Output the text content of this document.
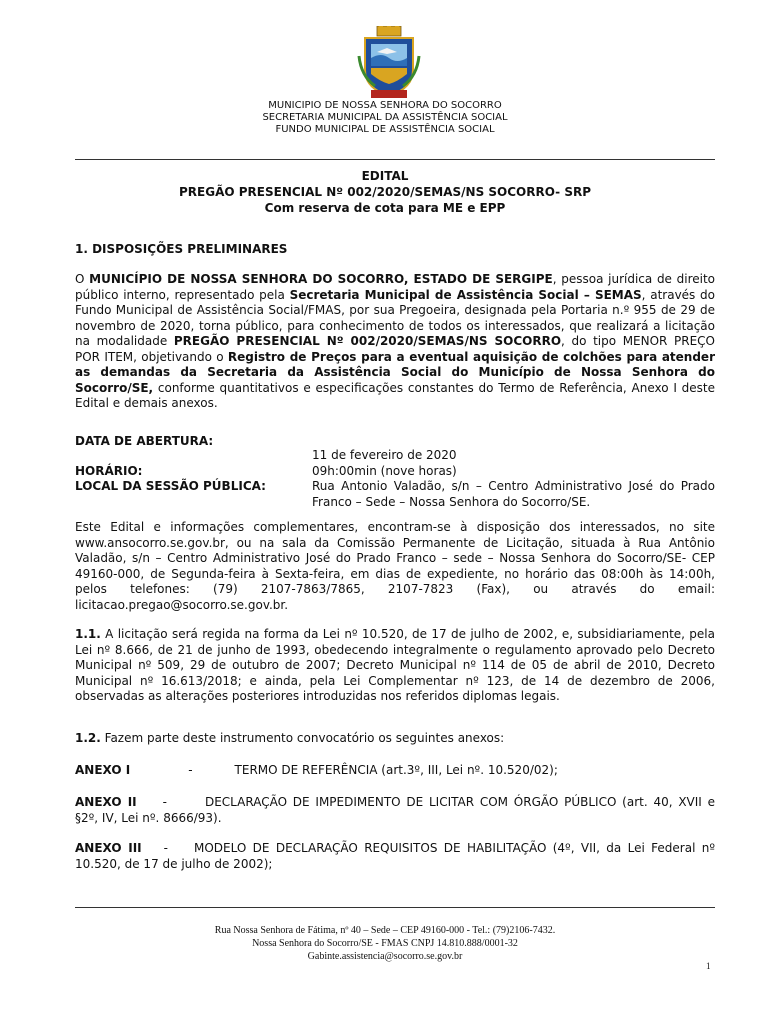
MUNICIPIO DE NOSSA SENHORA DO SOCORRO
SECRETARIA MUNICIPAL DA ASSISTÊNCIA SOCIAL
FUNDO MUNICIPAL DE ASSISTÊNCIA SOCIAL
EDITAL
PREGÃO PRESENCIAL Nº 002/2020/SEMAS/NS SOCORRO- SRP
Com reserva de cota para ME e EPP
1. DISPOSIÇÕES PRELIMINARES

O MUNICÍPIO DE NOSSA SENHORA DO SOCORRO, ESTADO DE SERGIPE, pessoa jurídica de direito público interno, representado pela Secretaria Municipal de Assistência Social – SEMAS, através do Fundo Municipal de Assistência Social/FMAS, por sua Pregoeira, designada pela Portaria n.º 955 de 29 de novembro de 2020, torna público, para conhecimento de todos os interessados, que realizará a licitação na modalidade PREGÃO PRESENCIAL Nº 002/2020/SEMAS/NS SOCORRO, do tipo MENOR PREÇO POR ITEM, objetivando o Registro de Preços para a eventual aquisição de colchões para atender as demandas da Secretaria da Assistência Social do Município de Nossa Senhora do Socorro/SE, conforme quantitativos e especificações constantes do Termo de Referência, Anexo I deste Edital e demais anexos.

DATA DE ABERTURA:
11 de fevereiro de 2020
HORÁRIO:	09h:00min (nove horas)
LOCAL DA SESSÃO PÚBLICA:	Rua Antonio Valadão, s/n – Centro Administrativo José do Prado Franco – Sede – Nossa Senhora do Socorro/SE.

Este Edital e informações complementares, encontram-se à disposição dos interessados, no site www.ansocorro.se.gov.br, ou na sala da Comissão Permanente de Licitação, situada à Rua Antônio Valadão, s/n – Centro Administrativo José do Prado Franco – sede – Nossa Senhora do Socorro/SE- CEP 49160-000, de Segunda-feira à Sexta-feira, em dias de expediente, no horário das 08:00h às 14:00h, pelos telefones: (79) 2107-7863/7865, 2107-7823 (Fax), ou através do email: licitacao.pregao@socorro.se.gov.br.

1.1. A licitação será regida na forma da Lei nº 10.520, de 17 de julho de 2002, e, subsidiariamente, pela Lei nº 8.666, de 21 de junho de 1993, obedecendo integralmente o regulamento aprovado pelo Decreto Municipal nº 509, 29 de outubro de 2007; Decreto Municipal nº 114 de 05 de abril de 2010, Decreto Municipal nº 16.613/2018; e ainda, pela Lei Complementar nº 123, de 14 de dezembro de 2006, observadas as alterações posteriores introduzidas nos referidos diplomas legais.

1.2. Fazem parte deste instrumento convocatório os seguintes anexos:

ANEXO I	-	TERMO DE REFERÊNCIA (art.3º, III, Lei nº. 10.520/02);

ANEXO II -	DECLARAÇÃO DE IMPEDIMENTO DE LICITAR COM ÓRGÃO PÚBLICO (art. 40, XVII e §2º, IV, Lei nº. 8666/93).

ANEXO III - MODELO DE DECLARAÇÃO REQUISITOS DE HABILITAÇÃO (4º, VII, da Lei Federal nº 10.520, de 17 de julho de 2002);

Rua Nossa Senhora de Fátima, nº 40 – Sede – CEP 49160-000 - Tel.: (79)2106-7432.
Nossa Senhora do Socorro/SE - FMAS CNPJ 14.810.888/0001-32
Gabinte.assistencia@socorro.se.gov.br
1
